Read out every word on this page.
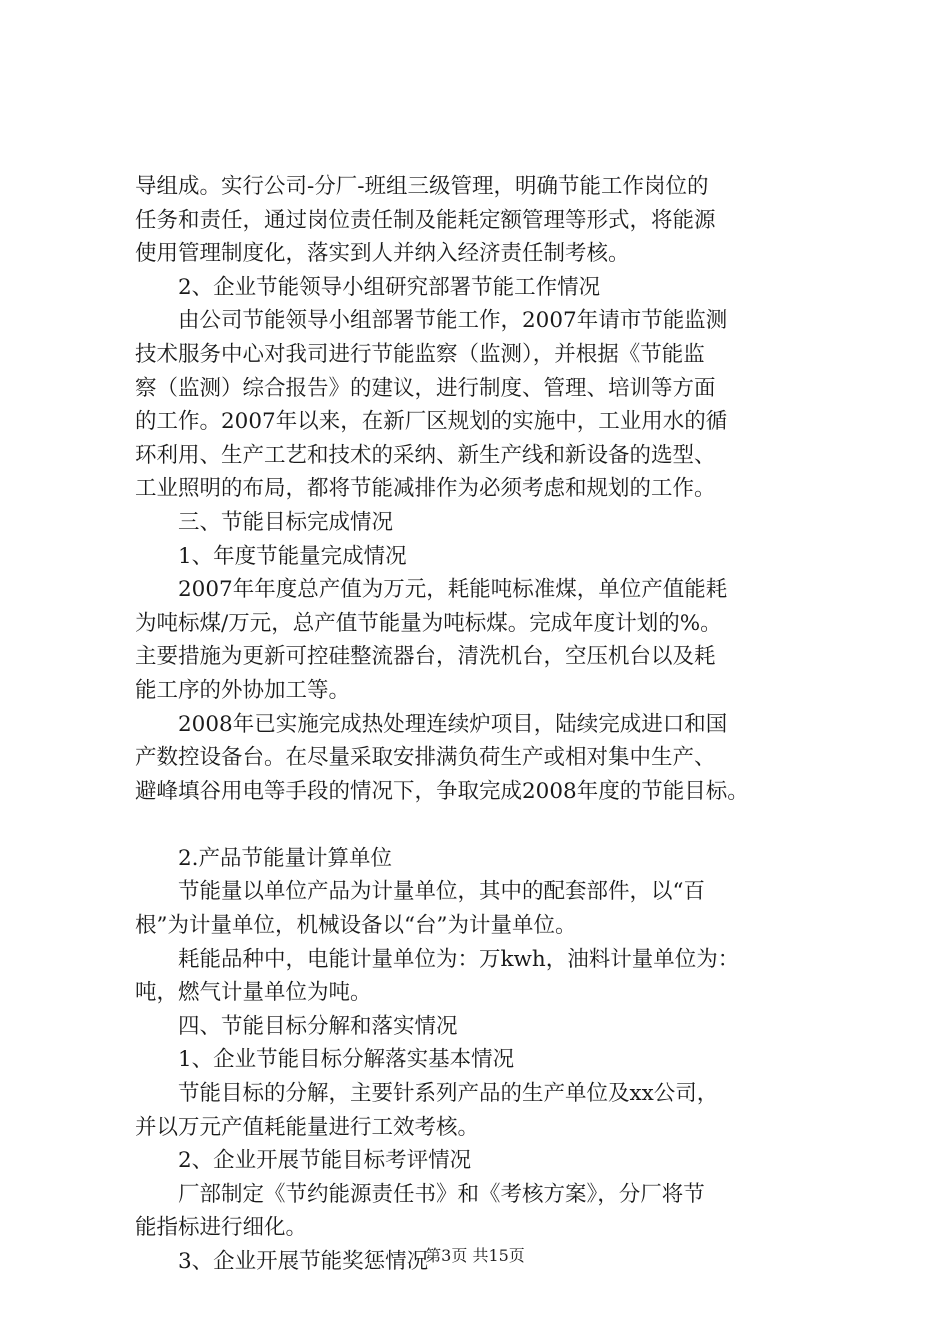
导组成。实行公司-分厂-班组三级管理，明确节能工作岗位的
任务和责任，通过岗位责任制及能耗定额管理等形式，将能源
使用管理制度化，落实到人并纳入经济责任制考核。
2、企业节能领导小组研究部署节能工作情况
由公司节能领导小组部署节能工作，2007年请市节能监测
技术服务中心对我司进行节能监察（监测），并根据《节能监
察（监测）综合报告》的建议，进行制度、管理、培训等方面
的工作。2007年以来，在新厂区规划的实施中，工业用水的循
环利用、生产工艺和技术的采纳、新生产线和新设备的选型、
工业照明的布局，都将节能减排作为必须考虑和规划的工作。
三、节能目标完成情况
1、年度节能量完成情况
2007年年度总产值为万元，耗能吨标准煤，单位产值能耗
为吨标煤/万元，总产值节能量为吨标煤。完成年度计划的%。
主要措施为更新可控硅整流器台，清洗机台，空压机台以及耗
能工序的外协加工等。
2008年已实施完成热处理连续炉项目，陆续完成进口和国
产数控设备台。在尽量采取安排满负荷生产或相对集中生产、
避峰填谷用电等手段的情况下，争取完成2008年度的节能目标。
2.产品节能量计算单位
节能量以单位产品为计量单位，其中的配套部件，以“百
根”为计量单位，机械设备以“台”为计量单位。
耗能品种中，电能计量单位为：万kwh，油料计量单位为：
吨，燃气计量单位为吨。
四、节能目标分解和落实情况
1、企业节能目标分解落实基本情况
节能目标的分解，主要针系列产品的生产单位及xx公司，
并以万元产值耗能量进行工效考核。
2、企业开展节能目标考评情况
厂部制定《节约能源责任书》和《考核方案》，分厂将节
能指标进行细化。
3、企业开展节能奖惩情况
第3页 共15页
